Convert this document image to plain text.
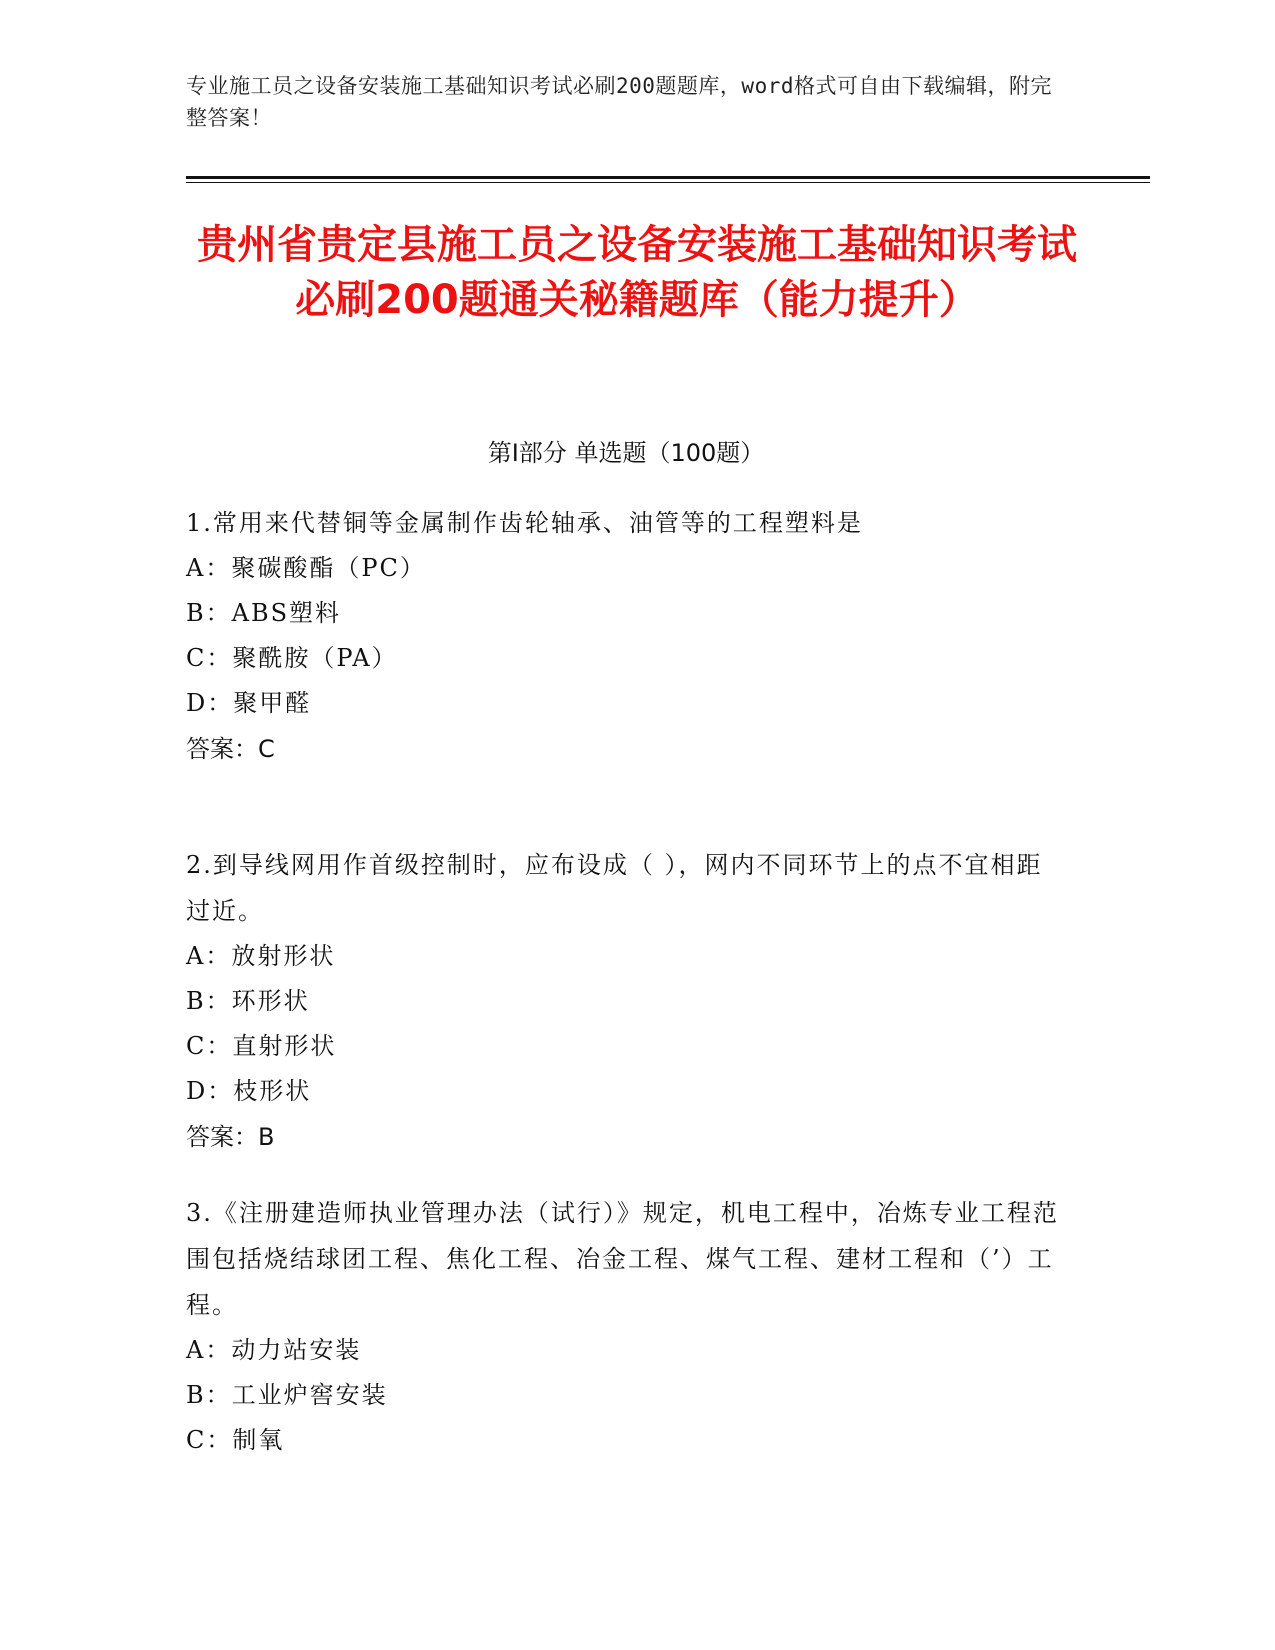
专业施工员之设备安装施工基础知识考试必刷200题题库，word格式可自由下载编辑，附完整答案！
贵州省贵定县施工员之设备安装施工基础知识考试必刷200题通关秘籍题库（能力提升）
第Ⅰ部分 单选题（100题）
1.常用来代替铜等金属制作齿轮轴承、油管等的工程塑料是
A：聚碳酸酯（PC）
B：ABS塑料
C：聚酰胺（PA）
D：聚甲醛
答案：C
2.到导线网用作首级控制时，应布设成（ ），网内不同环节上的点不宜相距过近。
A：放射形状
B：环形状
C：直射形状
D：枝形状
答案：B
3.《注册建造师执业管理办法（试行）》规定，机电工程中，冶炼专业工程范围包括烧结球团工程、焦化工程、冶金工程、煤气工程、建材工程和（’）工程。
A：动力站安装
B：工业炉窖安装
C：制氧
